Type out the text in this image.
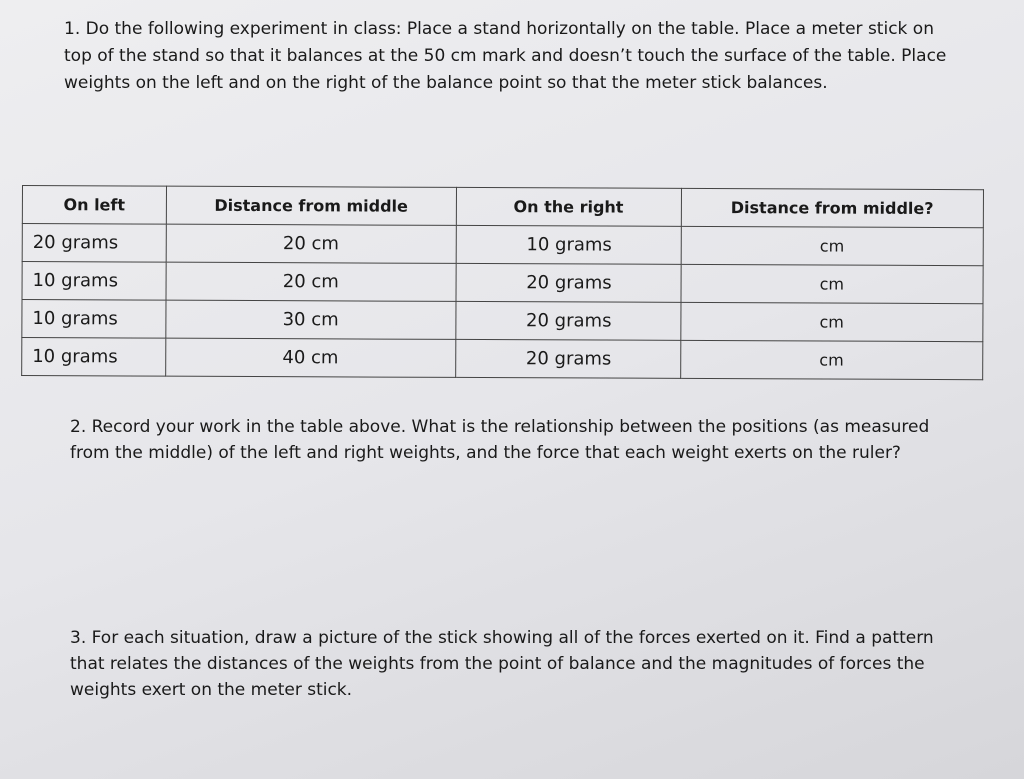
1. Do the following experiment in class: Place a stand horizontally on the table. Place a meter stick on top of the stand so that it balances at the 50 cm mark and doesn’t touch the surface of the table. Place weights on the left and on the right of the balance point so that the meter stick balances.
On left	Distance from middle	On the right	Distance from middle?
20 grams	20 cm	10 grams	cm
10 grams	20 cm	20 grams	cm
10 grams	30 cm	20 grams	cm
10 grams	40 cm	20 grams	cm
2. Record your work in the table above. What is the relationship between the positions (as measured from the middle) of the left and right weights, and the force that each weight exerts on the ruler?
3. For each situation, draw a picture of the stick showing all of the forces exerted on it. Find a pattern that relates the distances of the weights from the point of balance and the magnitudes of forces the weights exert on the meter stick.
